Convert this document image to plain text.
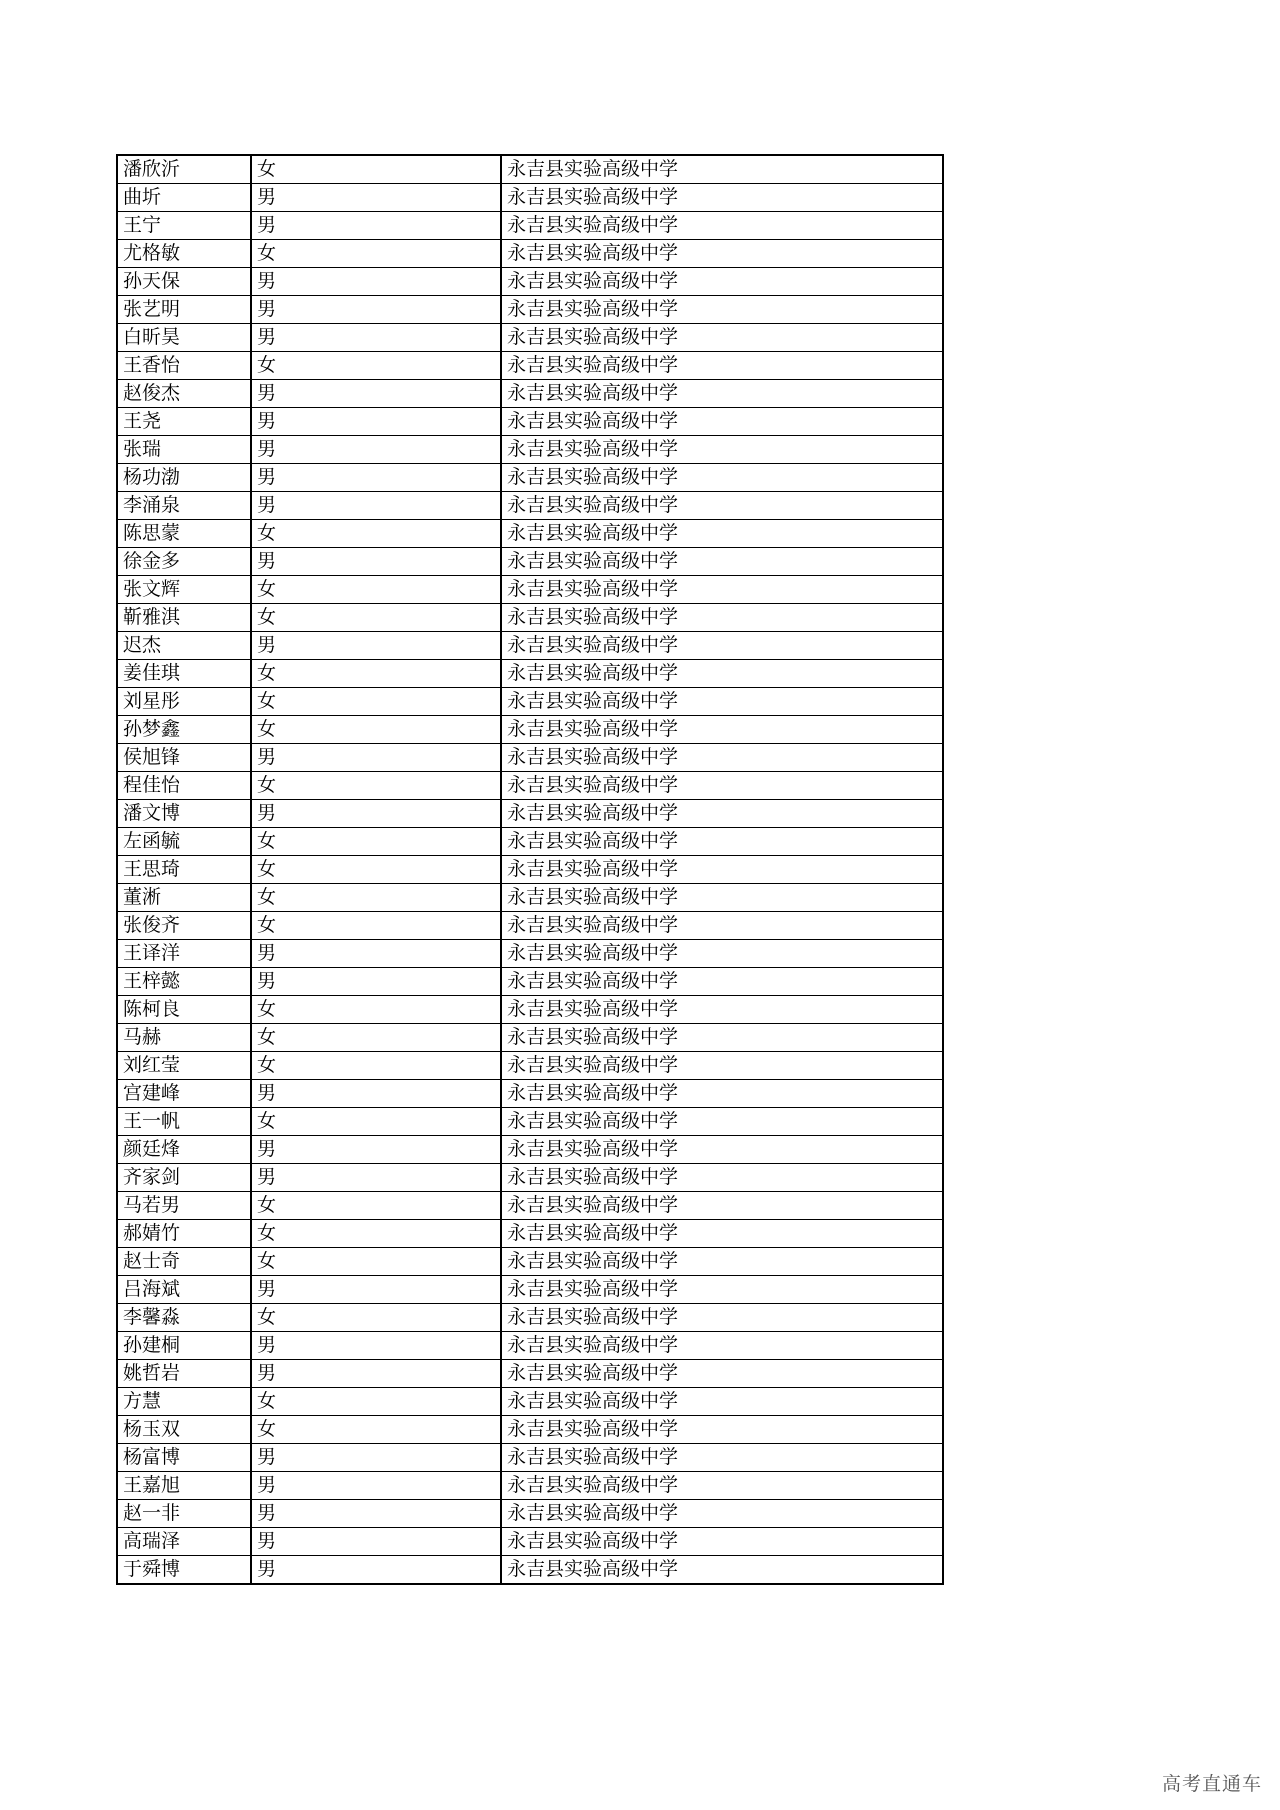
潘欣沂	女	永吉县实验高级中学
曲圻	男	永吉县实验高级中学
王宁	男	永吉县实验高级中学
尤格敏	女	永吉县实验高级中学
孙天保	男	永吉县实验高级中学
张艺明	男	永吉县实验高级中学
白昕昊	男	永吉县实验高级中学
王香怡	女	永吉县实验高级中学
赵俊杰	男	永吉县实验高级中学
王尧	男	永吉县实验高级中学
张瑞	男	永吉县实验高级中学
杨功渤	男	永吉县实验高级中学
李涌泉	男	永吉县实验高级中学
陈思蒙	女	永吉县实验高级中学
徐金多	男	永吉县实验高级中学
张文辉	女	永吉县实验高级中学
靳雅淇	女	永吉县实验高级中学
迟杰	男	永吉县实验高级中学
姜佳琪	女	永吉县实验高级中学
刘星彤	女	永吉县实验高级中学
孙梦鑫	女	永吉县实验高级中学
侯旭锋	男	永吉县实验高级中学
程佳怡	女	永吉县实验高级中学
潘文博	男	永吉县实验高级中学
左函毓	女	永吉县实验高级中学
王思琦	女	永吉县实验高级中学
董淅	女	永吉县实验高级中学
张俊齐	女	永吉县实验高级中学
王译洋	男	永吉县实验高级中学
王梓懿	男	永吉县实验高级中学
陈柯良	女	永吉县实验高级中学
马赫	女	永吉县实验高级中学
刘红莹	女	永吉县实验高级中学
宫建峰	男	永吉县实验高级中学
王一帆	女	永吉县实验高级中学
颜廷烽	男	永吉县实验高级中学
齐家剑	男	永吉县实验高级中学
马若男	女	永吉县实验高级中学
郝婧竹	女	永吉县实验高级中学
赵士奇	女	永吉县实验高级中学
吕海斌	男	永吉县实验高级中学
李馨淼	女	永吉县实验高级中学
孙建桐	男	永吉县实验高级中学
姚哲岩	男	永吉县实验高级中学
方慧	女	永吉县实验高级中学
杨玉双	女	永吉县实验高级中学
杨富博	男	永吉县实验高级中学
王嘉旭	男	永吉县实验高级中学
赵一非	男	永吉县实验高级中学
高瑞泽	男	永吉县实验高级中学
于舜博	男	永吉县实验高级中学
高考直通车
